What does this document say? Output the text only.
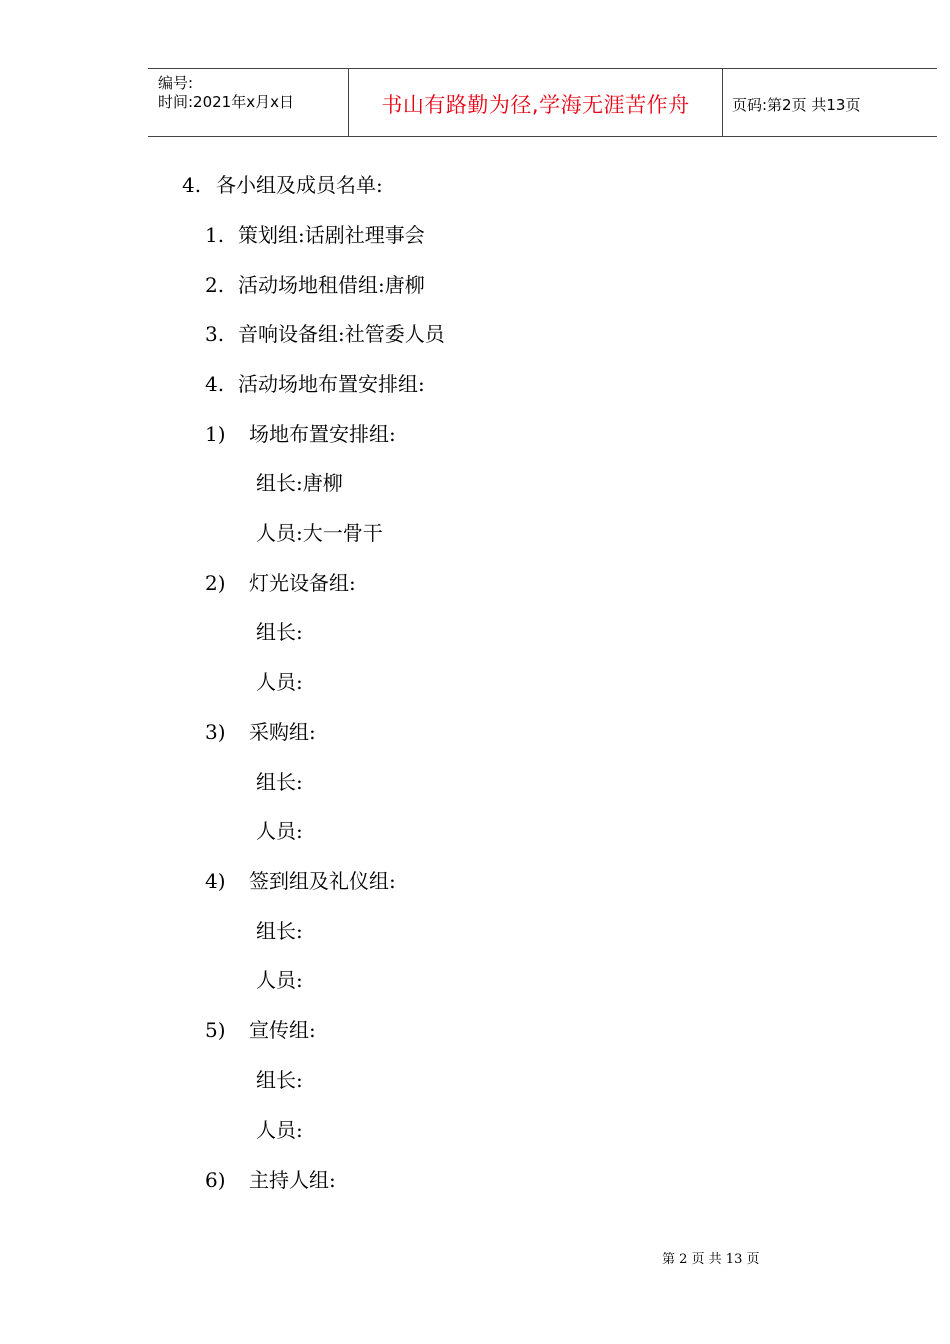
编号:
时间:2021年x月x日	书山有路勤为径,学海无涯苦作舟	页码:第2页 共13页
4. 各小组及成员名单:
1. 策划组:话剧社理事会
2. 活动场地租借组:唐柳
3. 音响设备组:社管委人员
4. 活动场地布置安排组:
1) 场地布置安排组:
组长:唐柳
人员:大一骨干
2) 灯光设备组:
组长:
人员:
3) 采购组:
组长:
人员:
4) 签到组及礼仪组:
组长:
人员:
5) 宣传组:
组长:
人员:
6) 主持人组:
第 2 页 共 13 页
